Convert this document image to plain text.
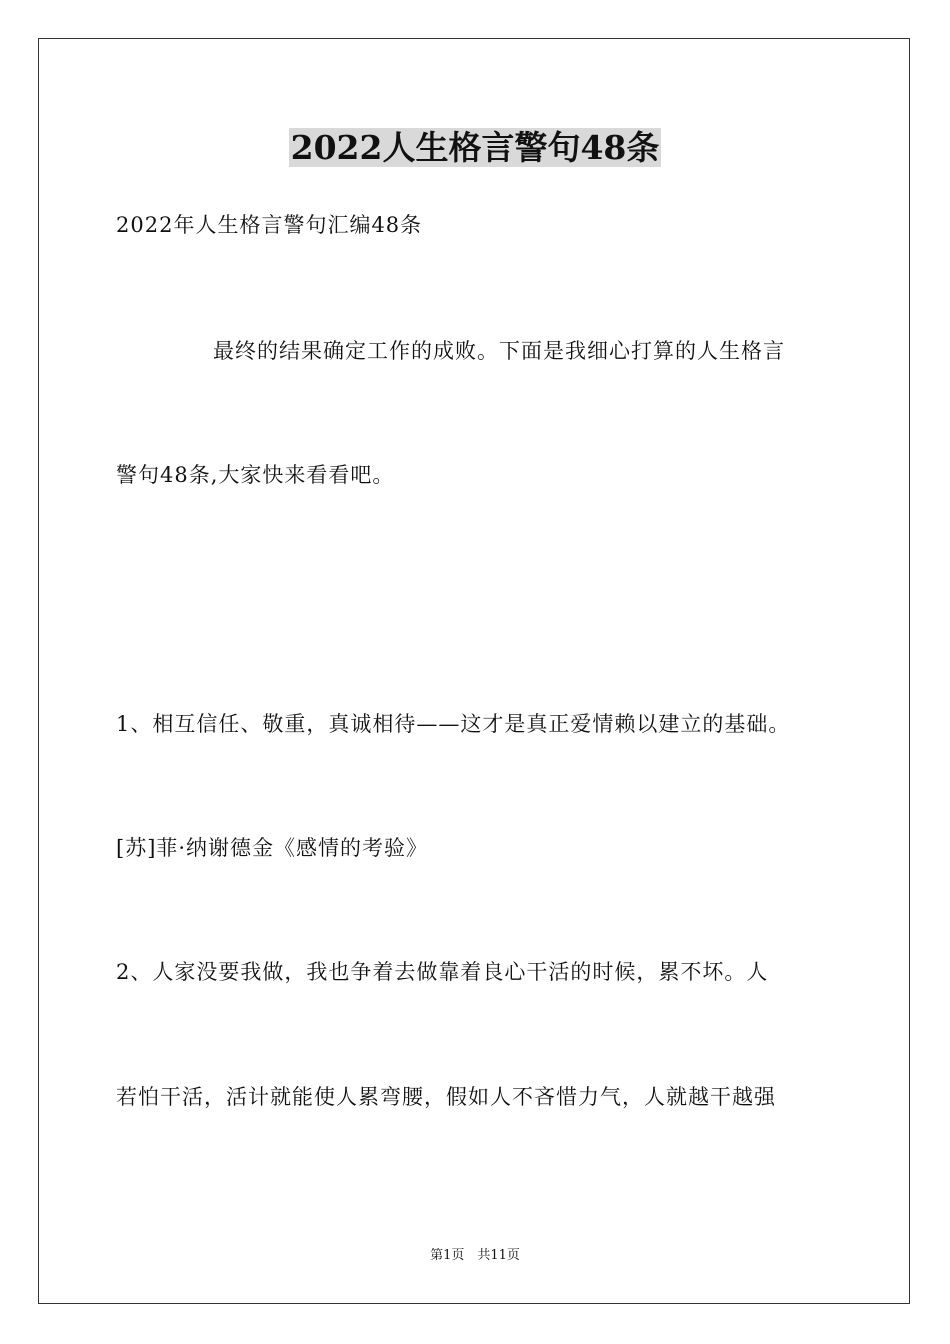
2022人生格言警句48条
2022年人生格言警句汇编48条
最终的结果确定工作的成败。下面是我细心打算的人生格言
警句48条,大家快来看看吧。
1、相互信任、敬重，真诚相待——这才是真正爱情赖以建立的基础。
[苏]菲·纳谢德金《感情的考验》
2、人家没要我做，我也争着去做靠着良心干活的时候，累不坏。人
若怕干活，活计就能使人累弯腰，假如人不吝惜力气，人就越干越强
第1页　共11页
